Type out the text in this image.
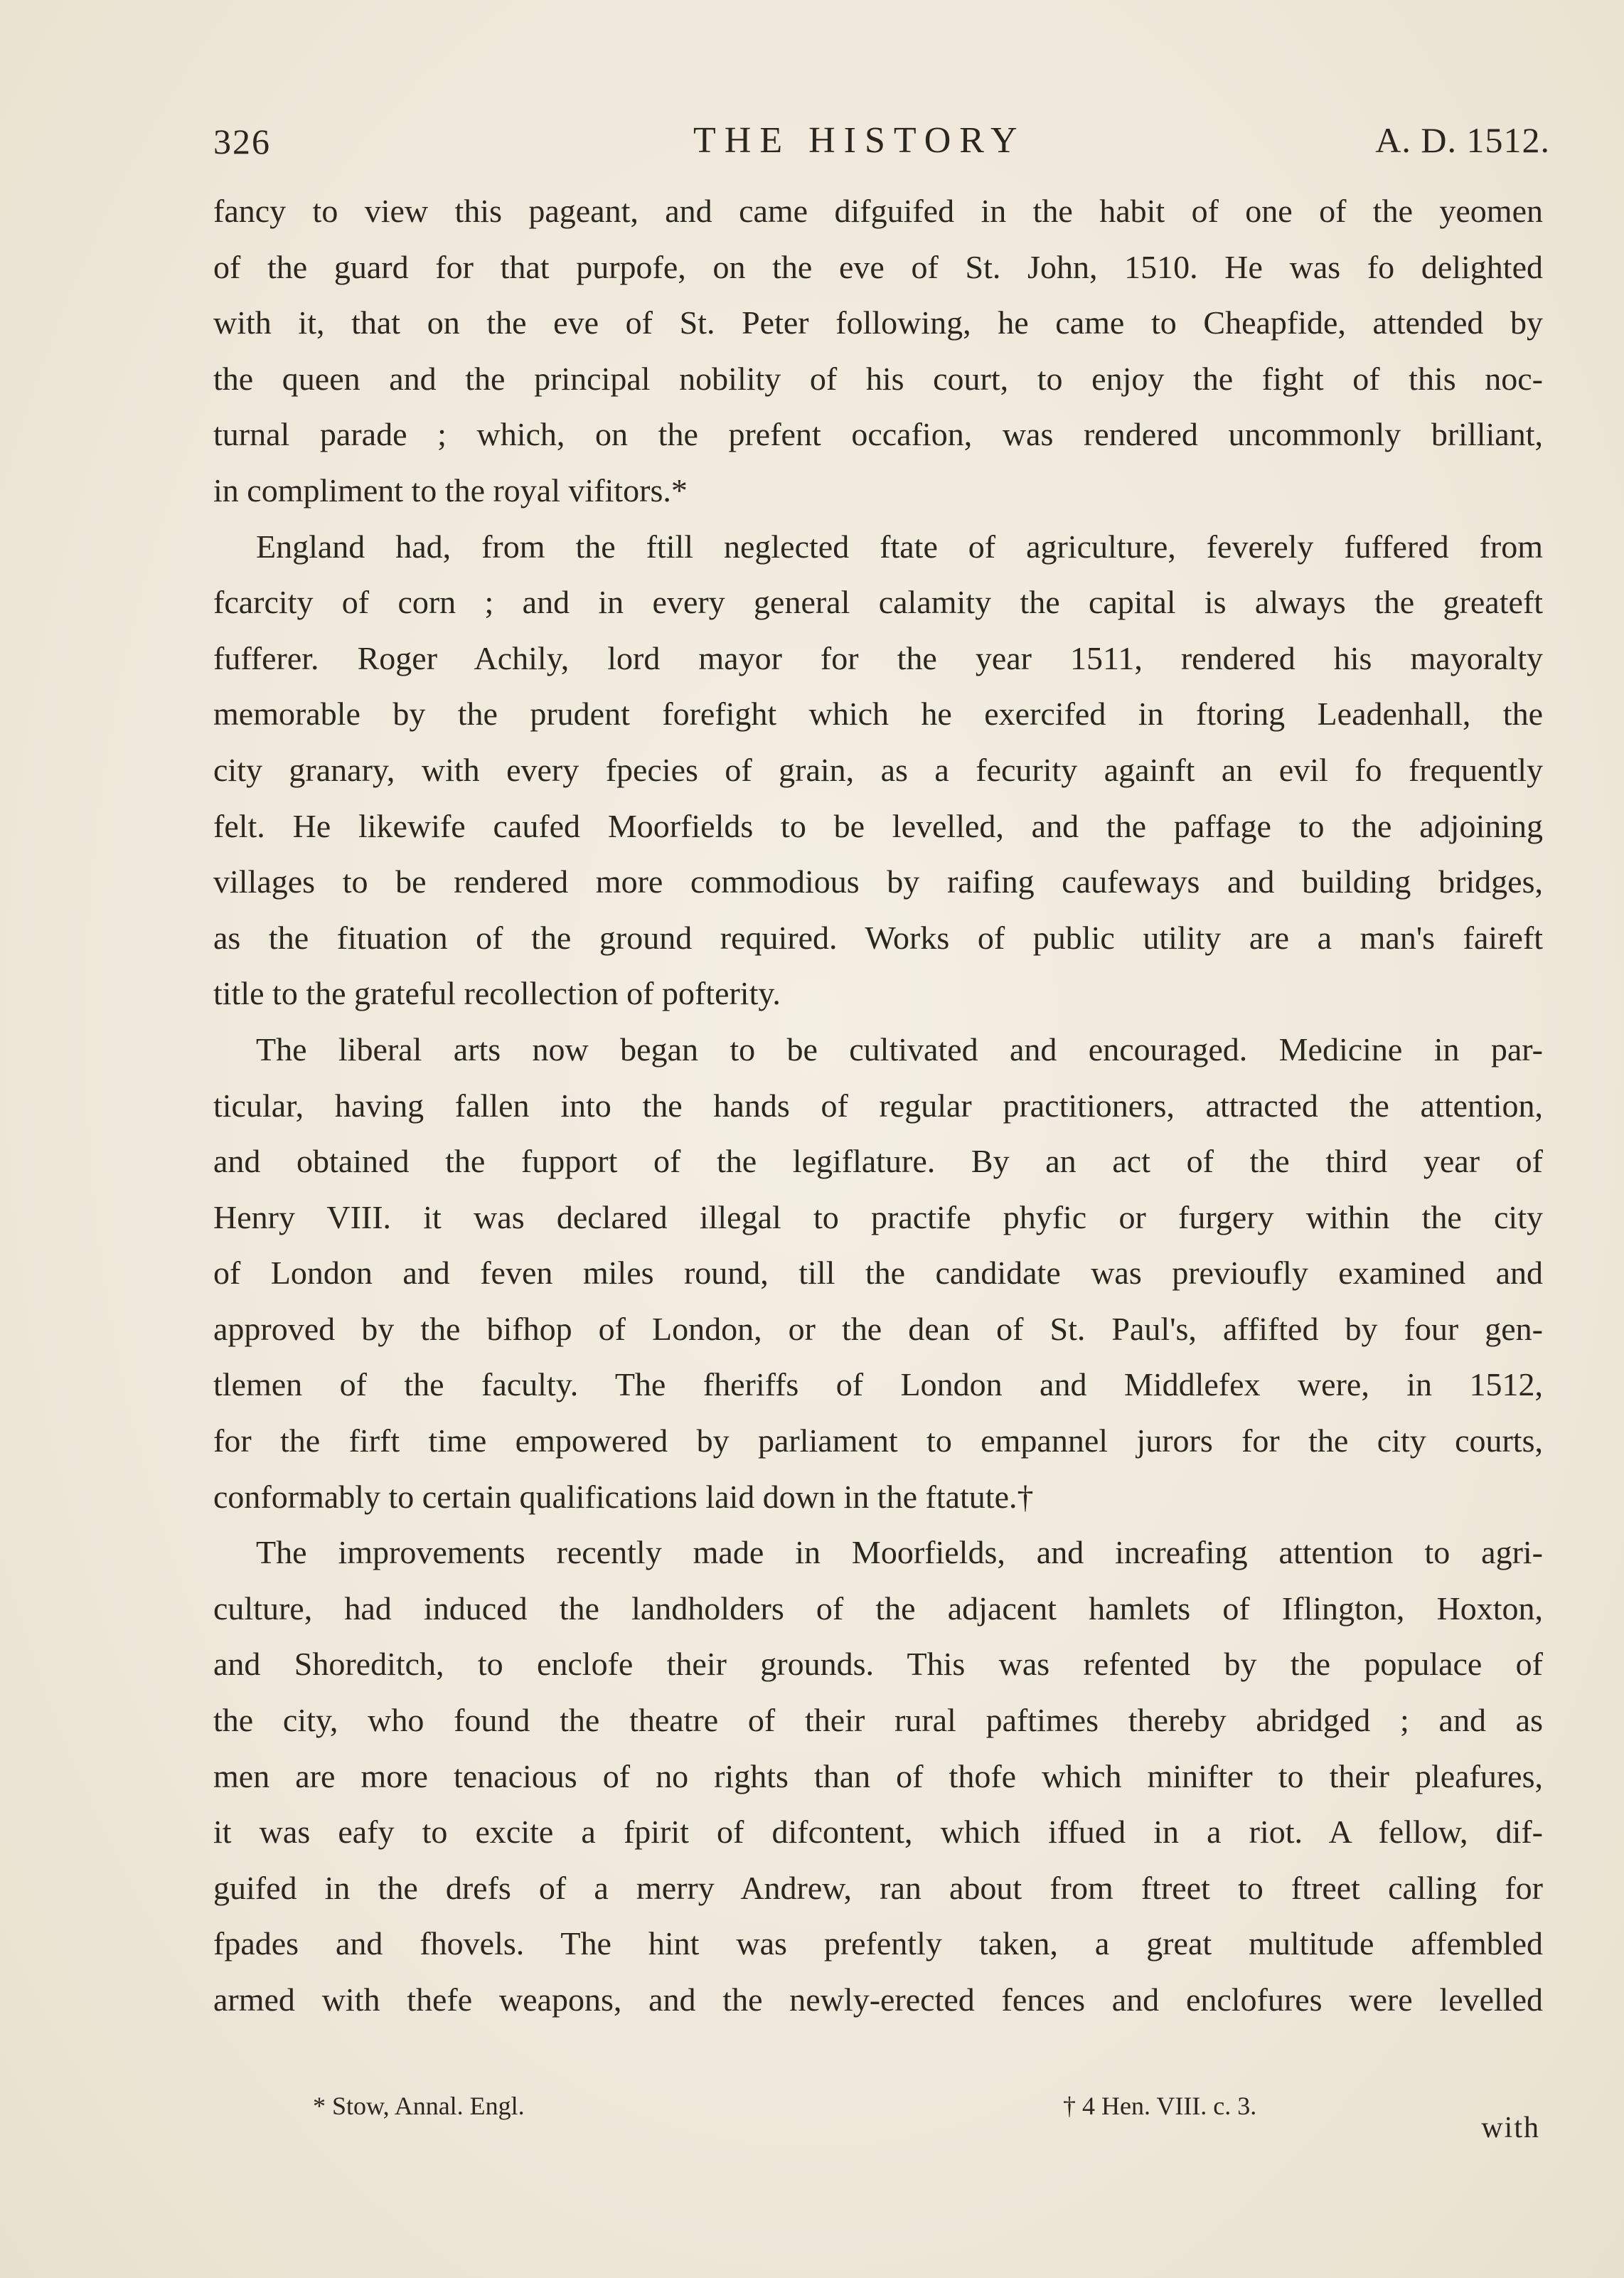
326	THE HISTORY	A. D. 1512.
fancy to view this pageant, and came difguifed in the habit of one of the yeomen
of the guard for that purpofe, on the eve of St. John, 1510. He was fo delighted
with it, that on the eve of St. Peter following, he came to Cheapfide, attended by
the queen and the principal nobility of his court, to enjoy the fight of this noc-
turnal parade ; which, on the prefent occafion, was rendered uncommonly brilliant,
in compliment to the royal vifitors.*
England had, from the ftill neglected ftate of agriculture, feverely fuffered from
fcarcity of corn ; and in every general calamity the capital is always the greateft
fufferer. Roger Achily, lord mayor for the year 1511, rendered his mayoralty
memorable by the prudent forefight which he exercifed in ftoring Leadenhall, the
city granary, with every fpecies of grain, as a fecurity againft an evil fo frequently
felt. He likewife caufed Moorfields to be levelled, and the paffage to the adjoining
villages to be rendered more commodious by raifing caufeways and building bridges,
as the fituation of the ground required. Works of public utility are a man's faireft
title to the grateful recollection of pofterity.
The liberal arts now began to be cultivated and encouraged. Medicine in par-
ticular, having fallen into the hands of regular practitioners, attracted the attention,
and obtained the fupport of the legiflature. By an act of the third year of
Henry VIII. it was declared illegal to practife phyfic or furgery within the city
of London and feven miles round, till the candidate was previoufly examined and
approved by the bifhop of London, or the dean of St. Paul's, affifted by four gen-
tlemen of the faculty. The fheriffs of London and Middlefex were, in 1512,
for the firft time empowered by parliament to empannel jurors for the city courts,
conformably to certain qualifications laid down in the ftatute.†
The improvements recently made in Moorfields, and increafing attention to agri-
culture, had induced the landholders of the adjacent hamlets of Iflington, Hoxton,
and Shoreditch, to enclofe their grounds. This was refented by the populace of
the city, who found the theatre of their rural paftimes thereby abridged ; and as
men are more tenacious of no rights than of thofe which minifter to their pleafures,
it was eafy to excite a fpirit of difcontent, which iffued in a riot. A fellow, dif-
guifed in the drefs of a merry Andrew, ran about from ftreet to ftreet calling for
fpades and fhovels. The hint was prefently taken, a great multitude affembled
armed with thefe weapons, and the newly-erected fences and enclofures were levelled
* Stow, Annal. Engl.	† 4 Hen. VIII. c. 3.
with
